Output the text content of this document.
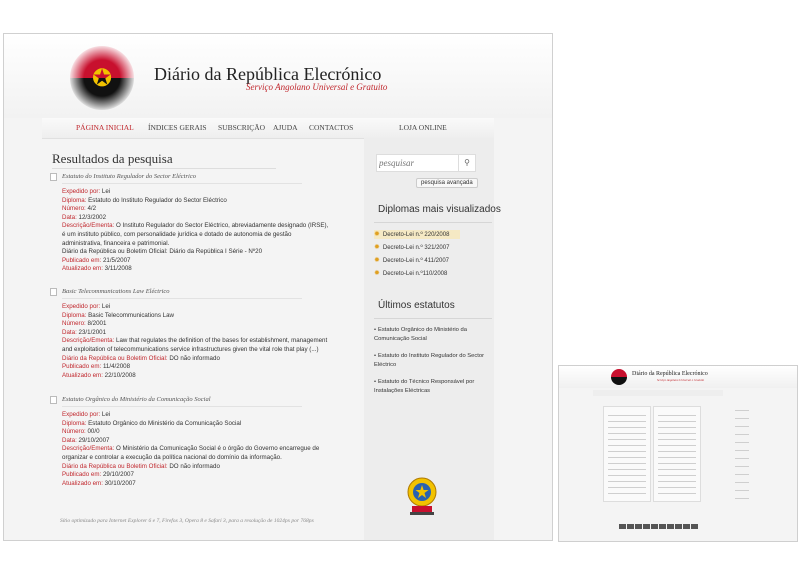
✪ Diário da República Elecrónico
Serviço Angolano Universal e Gratuito
PÁGINA INICIAL ÍNDICES GERAIS SUBSCRIÇÃO AJUDA CONTACTOS	LOJA ONLINE
Resultados da pesquisa
Estatuto do Instituto Regulador do Sector Eléctrico
Expedido por: Lei
Diploma: Estatuto do Instituto Regulador do Sector Eléctrico
Número: 4/2
Data: 12/3/2002
Descrição/Ementa: O Instituto Regulador do Sector Eléctrico, abreviadamente designado (IRSE), é um instituto público, com personalidade jurídica e dotado de autonomia de gestão administrativa, financeira e patrimonial.
Diário da República ou Boletim Oficial: Diário da República I Série - Nº20
Publicado em: 21/5/2007
Atualizado em: 3/11/2008
Basic Telecommunications Law Eléctrico
Expedido por: Lei
Diploma: Basic Telecommunications Law
Número: 8/2001
Data: 23/1/2001
Descrição/Ementa: Law that regulates the definition of the bases for establishment, management and exploitation of telecommunications service infrastructures given the vital role that play (...)
Diário da República ou Boletim Oficial: DO não informado
Publicado em: 11/4/2008
Atualizado em: 22/10/2008
Estatuto Orgânico do Ministério da Comunicação Social
Expedido por: Lei
Diploma: Estatuto Orgânico do Ministério da Comunicação Social
Número: 00/0
Data: 29/10/2007
Descrição/Ementa: O Ministério da Comunicação Social é o órgão do Governo encarregue de organizar e controlar a execução da política nacional do domínio da informação.
Diário da República ou Boletim Oficial: DO não informado
Publicado em: 29/10/2007
Atualizado em: 30/10/2007
Sítio optimizado para Internet Explorer 6 e 7, Firefox 3, Opera 8 e Safari 3, para a resolução de 1024px por 768px
pesquisar
⚲
pesquisa avançada
Diplomas mais visualizados
✹ Decreto-Lei n.º 220/2008
✹ Decreto-Lei n.º 321/2007
✹ Decreto-Lei n.º 411/2007
✹ Decreto-Lei n.º110/2008
Últimos estatutos
• Estatuto Orgânico do Ministério da Comunicação Social
• Estatuto do Instituto Regulador do Sector Eléctrico
• Estatuto do Técnico Responsável por Instalações Eléctricas
Diário da República Elecrónico
Serviço Angolano Universal e Gratuito
